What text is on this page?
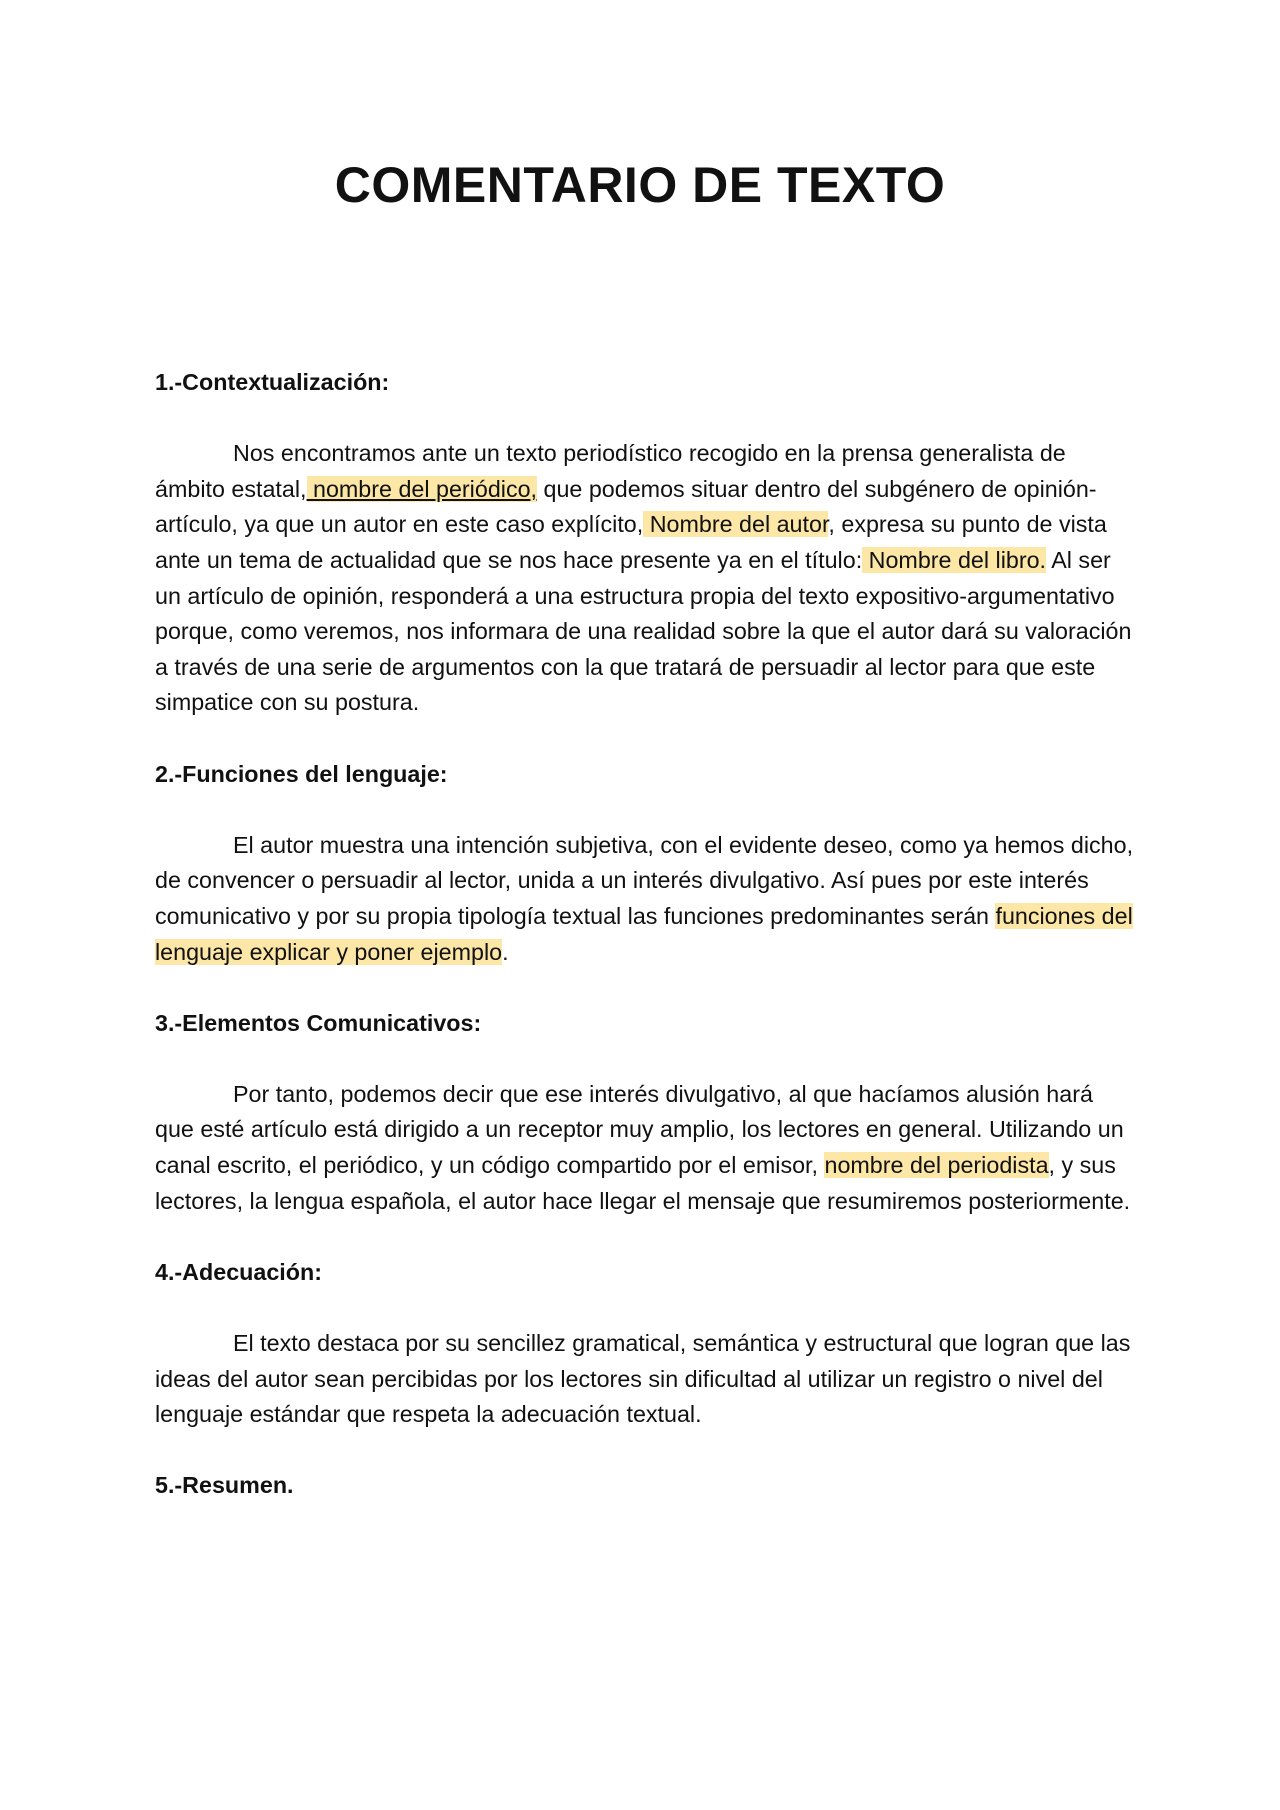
COMENTARIO DE TEXTO

1.-Contextualización:

Nos encontramos ante un texto periodístico recogido en la prensa generalista de ámbito estatal, nombre del periódico, que podemos situar dentro del subgénero de opinión-artículo, ya que un autor en este caso explícito, Nombre del autor, expresa su punto de vista ante un tema de actualidad que se nos hace presente ya en el título: Nombre del libro. Al ser un artículo de opinión, responderá a una estructura propia del texto expositivo-argumentativo porque, como veremos, nos informara de una realidad sobre la que el autor dará su valoración a través de una serie de argumentos con la que tratará de persuadir al lector para que este simpatice con su postura.

2.-Funciones del lenguaje:

El autor muestra una intención subjetiva, con el evidente deseo, como ya hemos dicho, de convencer o persuadir al lector, unida a un interés divulgativo. Así pues por este interés comunicativo y por su propia tipología textual las funciones predominantes serán funciones del lenguaje explicar y poner ejemplo.

3.-Elementos Comunicativos:

Por tanto, podemos decir que ese interés divulgativo, al que hacíamos alusión hará que esté artículo está dirigido a un receptor muy amplio, los lectores en general. Utilizando un canal escrito, el periódico, y un código compartido por el emisor, nombre del periodista, y sus lectores, la lengua española, el autor hace llegar el mensaje que resumiremos posteriormente.

4.-Adecuación:

El texto destaca por su sencillez gramatical, semántica y estructural que logran que las ideas del autor sean percibidas por los lectores sin dificultad al utilizar un registro o nivel del lenguaje estándar que respeta la adecuación textual.

5.-Resumen.
